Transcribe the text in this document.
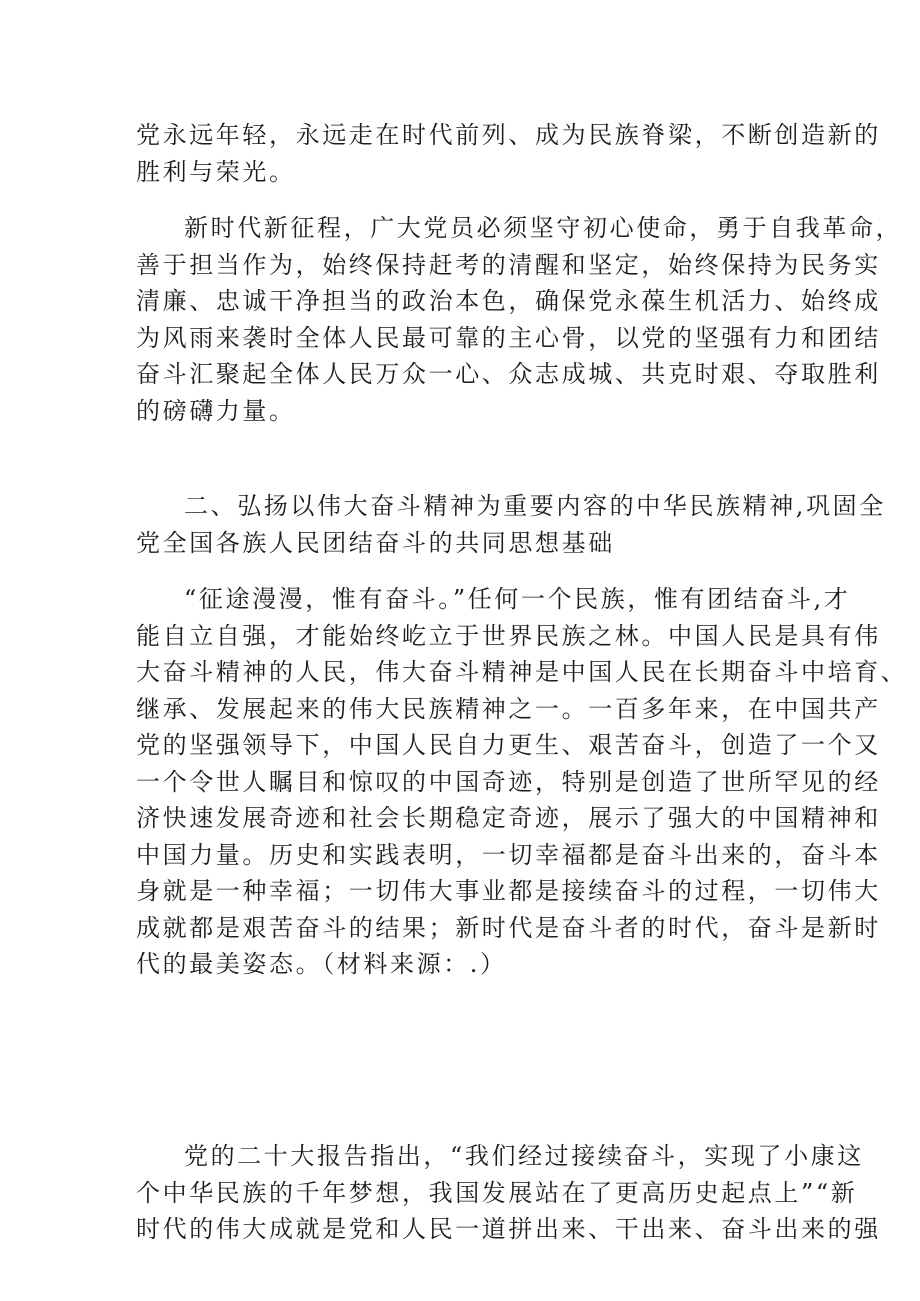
党永远年轻，永远走在时代前列、成为民族脊梁，不断创造新的
胜利与荣光。
新时代新征程，广大党员必须坚守初心使命，勇于自我革命，
善于担当作为，始终保持赶考的清醒和坚定，始终保持为民务实
清廉、忠诚干净担当的政治本色，确保党永葆生机活力、始终成
为风雨来袭时全体人民最可靠的主心骨，以党的坚强有力和团结
奋斗汇聚起全体人民万众一心、众志成城、共克时艰、夺取胜利
的磅礴力量。
二、弘扬以伟大奋斗精神为重要内容的中华民族精神,巩固全
党全国各族人民团结奋斗的共同思想基础
“征途漫漫，惟有奋斗。”任何一个民族，惟有团结奋斗,才
能自立自强，才能始终屹立于世界民族之林。中国人民是具有伟
大奋斗精神的人民，伟大奋斗精神是中国人民在长期奋斗中培育、
继承、发展起来的伟大民族精神之一。一百多年来，在中国共产
党的坚强领导下，中国人民自力更生、艰苦奋斗，创造了一个又
一个令世人瞩目和惊叹的中国奇迹，特别是创造了世所罕见的经
济快速发展奇迹和社会长期稳定奇迹，展示了强大的中国精神和
中国力量。历史和实践表明，一切幸福都是奋斗出来的，奋斗本
身就是一种幸福；一切伟大事业都是接续奋斗的过程，一切伟大
成就都是艰苦奋斗的结果；新时代是奋斗者的时代，奋斗是新时
代的最美姿态。（材料来源：.）
党的二十大报告指出，“我们经过接续奋斗，实现了小康这
个中华民族的千年梦想，我国发展站在了更高历史起点上”“新
时代的伟大成就是党和人民一道拼出来、干出来、奋斗出来的强
